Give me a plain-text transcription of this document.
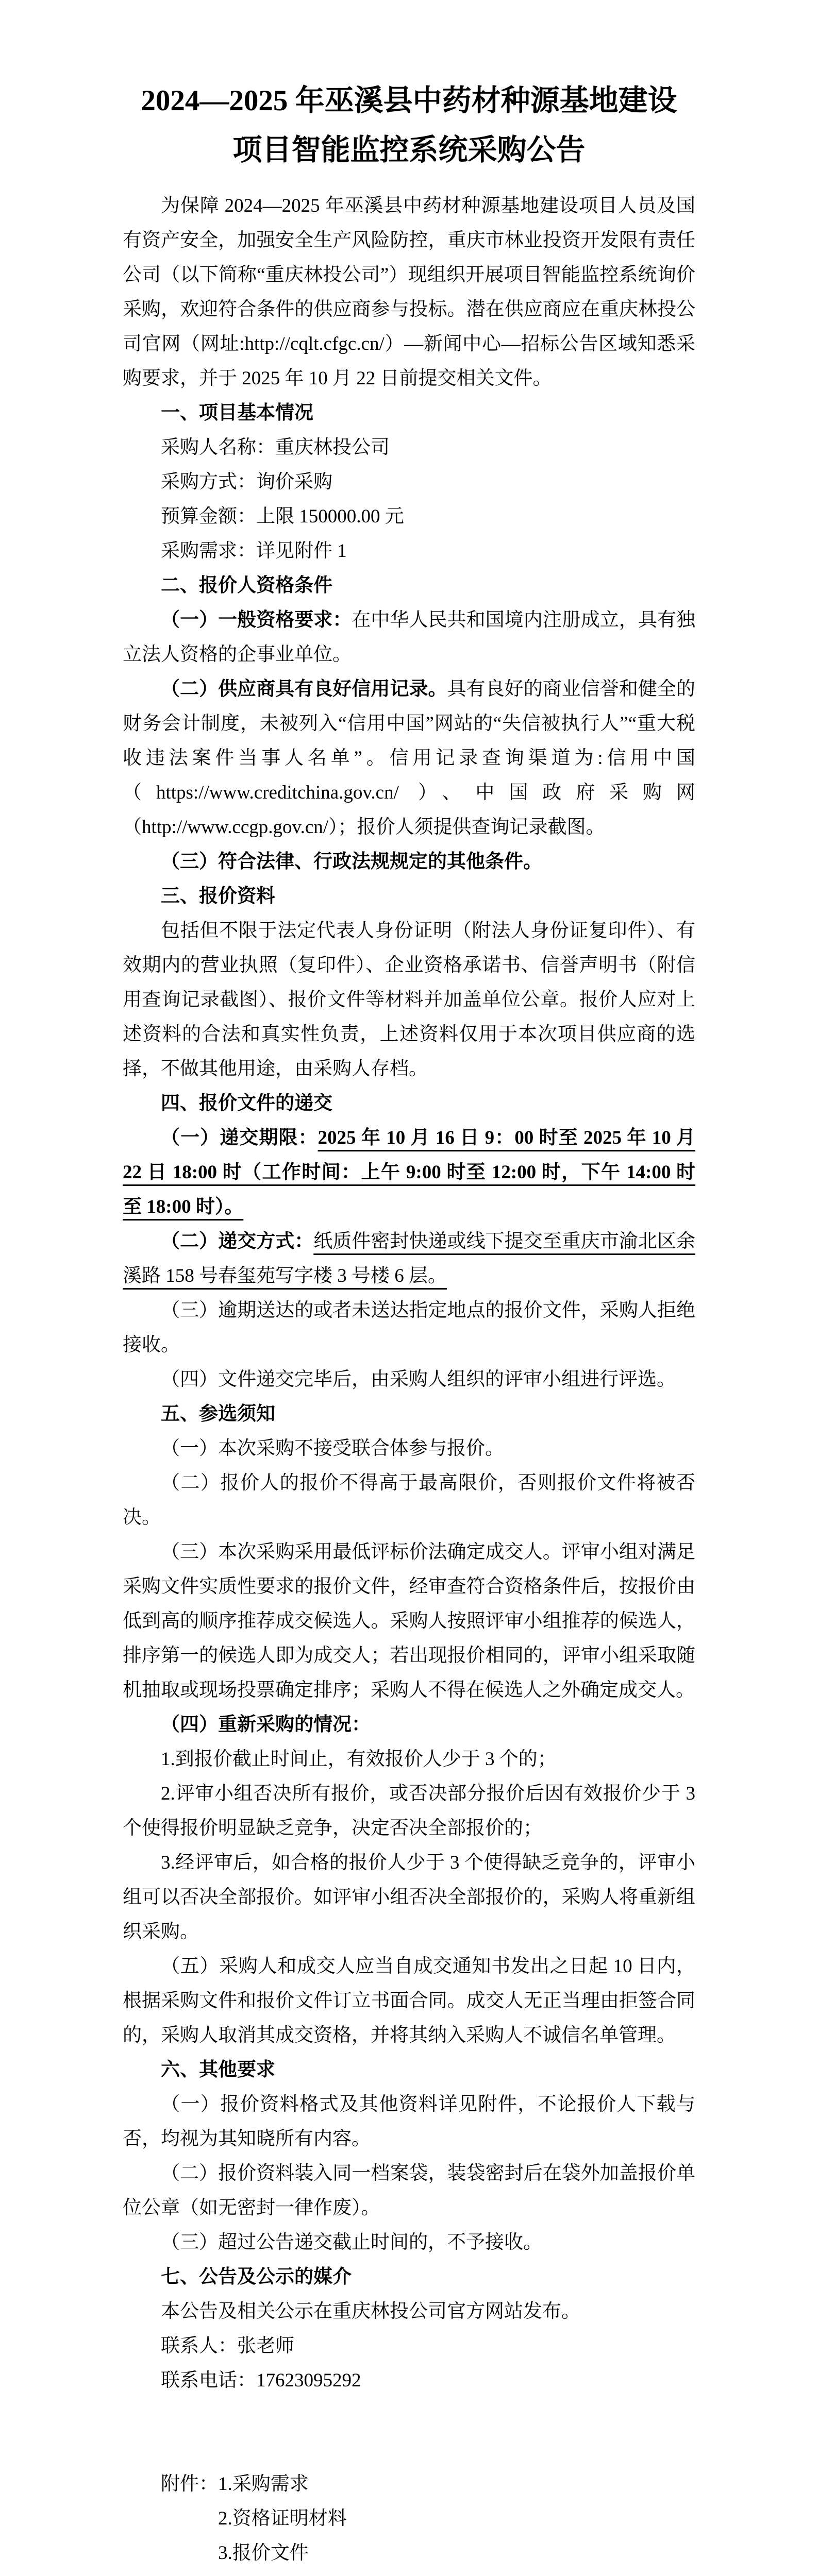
2024—2025 年巫溪县中药材种源基地建设
项目智能监控系统采购公告

为保障 2024—2025 年巫溪县中药材种源基地建设项目人员及国有资产安全，加强安全生产风险防控，重庆市林业投资开发限有责任公司（以下简称“重庆林投公司”）现组织开展项目智能监控系统询价采购，欢迎符合条件的供应商参与投标。潜在供应商应在重庆林投公司官网（网址:http://cqlt.cfgc.cn/）—新闻中心—招标公告区域知悉采购要求，并于 2025 年 10 月 22 日前提交相关文件。

一、项目基本情况

采购人名称：重庆林投公司

采购方式：询价采购

预算金额：上限 150000.00 元

采购需求：详见附件 1

二、报价人资格条件

（一）一般资格要求：在中华人民共和国境内注册成立，具有独立法人资格的企事业单位。

（二）供应商具有良好信用记录。具有良好的商业信誉和健全的财务会计制度，未被列入“信用中国”网站的“失信被执行人”“重大税收违法案件当事人名单”。信用记录查询渠道为:信用中国（https://www.creditchina.gov.cn/ ）、中国政府采购网（http://www.ccgp.gov.cn/）；报价人须提供查询记录截图。

（三）符合法律、行政法规规定的其他条件。

三、报价资料

包括但不限于法定代表人身份证明（附法人身份证复印件）、有效期内的营业执照（复印件）、企业资格承诺书、信誉声明书（附信用查询记录截图）、报价文件等材料并加盖单位公章。报价人应对上述资料的合法和真实性负责，上述资料仅用于本次项目供应商的选择，不做其他用途，由采购人存档。

四、报价文件的递交

（一）递交期限：2025 年 10 月 16 日 9：00 时至 2025 年 10 月 22 日 18:00 时（工作时间：上午 9:00 时至 12:00 时，下午 14:00 时至 18:00 时）。

（二）递交方式：纸质件密封快递或线下提交至重庆市渝北区余溪路 158 号春玺苑写字楼 3 号楼 6 层。

（三）逾期送达的或者未送达指定地点的报价文件，采购人拒绝接收。

（四）文件递交完毕后，由采购人组织的评审小组进行评选。

五、参选须知

（一）本次采购不接受联合体参与报价。

（二）报价人的报价不得高于最高限价，否则报价文件将被否决。

（三）本次采购采用最低评标价法确定成交人。评审小组对满足采购文件实质性要求的报价文件，经审查符合资格条件后，按报价由低到高的顺序推荐成交候选人。采购人按照评审小组推荐的候选人，排序第一的候选人即为成交人；若出现报价相同的，评审小组采取随机抽取或现场投票确定排序；采购人不得在候选人之外确定成交人。

（四）重新采购的情况：

1.到报价截止时间止，有效报价人少于 3 个的；

2.评审小组否决所有报价，或否决部分报价后因有效报价少于 3 个使得报价明显缺乏竞争，决定否决全部报价的；

3.经评审后，如合格的报价人少于 3 个使得缺乏竞争的，评审小组可以否决全部报价。如评审小组否决全部报价的，采购人将重新组织采购。

（五）采购人和成交人应当自成交通知书发出之日起 10 日内，根据采购文件和报价文件订立书面合同。成交人无正当理由拒签合同的，采购人取消其成交资格，并将其纳入采购人不诚信名单管理。

六、其他要求

（一）报价资料格式及其他资料详见附件，不论报价人下载与否，均视为其知晓所有内容。

（二）报价资料装入同一档案袋，装袋密封后在袋外加盖报价单位公章（如无密封一律作废）。

（三）超过公告递交截止时间的，不予接收。

七、公告及公示的媒介

本公告及相关公示在重庆林投公司官方网站发布。

联系人：张老师

联系电话：17623095292

附件：1.采购需求

2.资格证明材料

3.报价文件
